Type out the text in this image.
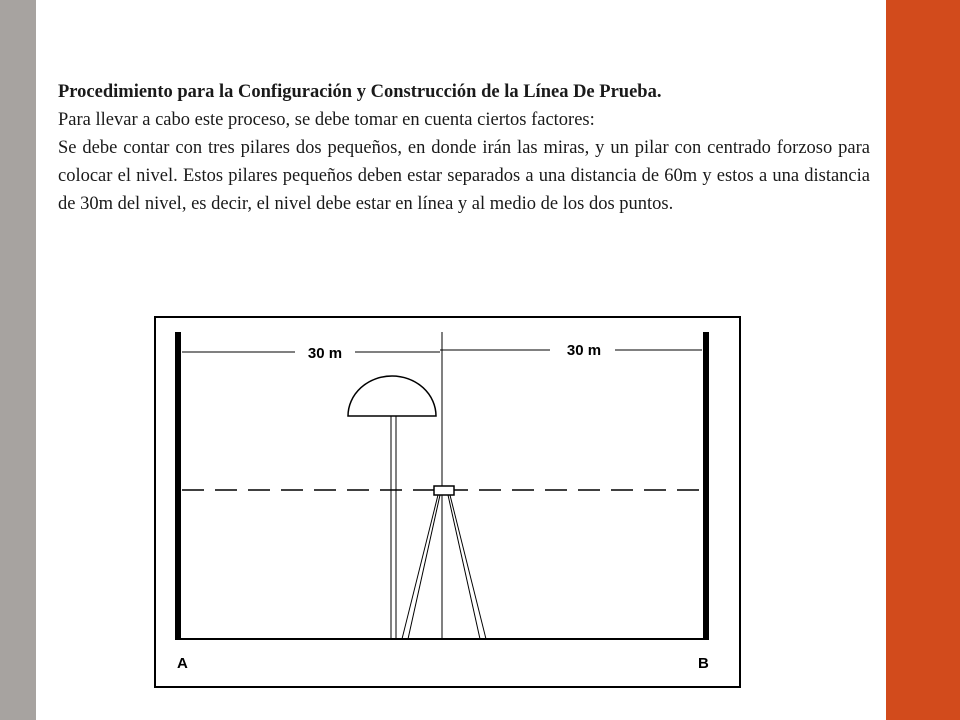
Procedimiento para la Configuración y Construcción de la Línea De Prueba.

Para llevar a cabo este proceso, se debe tomar en cuenta ciertos factores:

Se debe contar con tres pilares dos pequeños, en donde irán las miras, y un pilar con centrado forzoso para colocar el nivel. Estos pilares pequeños deben estar separados a una distancia de 60m y estos a una distancia de 30m del nivel, es decir, el nivel debe estar en línea y al medio de los dos puntos.

30 m	30 m
A	B
